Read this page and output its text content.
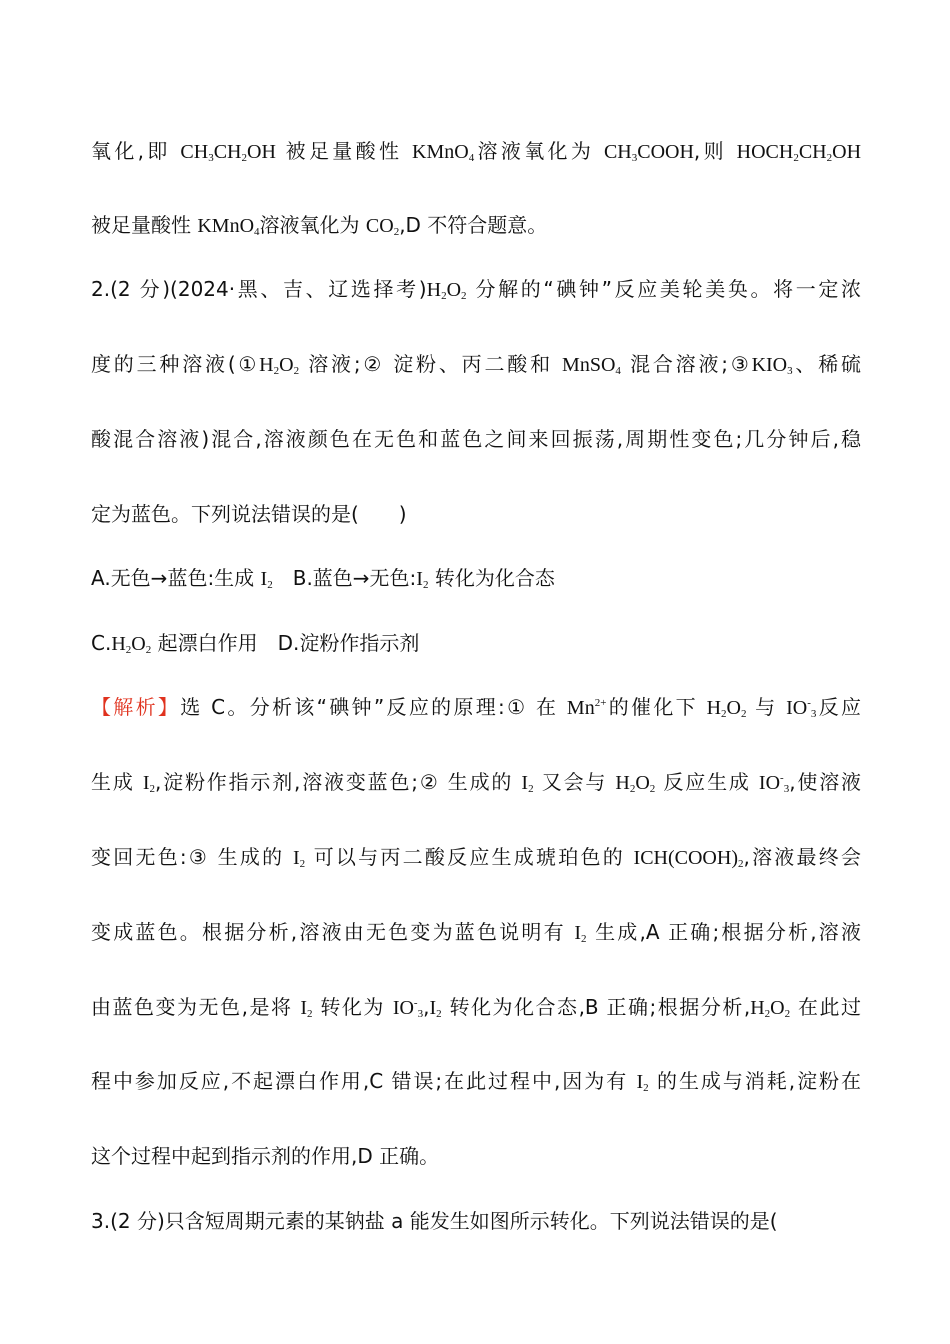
氧化,即 $CH_3CH_2OH$ 被足量酸性 KMnO$_4$溶液氧化为 $CH_3COOH$,则 $HOCH_2CH_2OH$
被足量酸性 KMnO$_4$溶液氧化为 $CO_2,D$ 不符合题意。
2.(2 分)(2024·黑、吉、辽选择考)$H_2O_2$ 分解的“碘钟”反应美轮美奂。将一定浓
度的三种溶液($①H_2O_2$ 溶液;② 淀粉、丙二酸和 MnSO$_4$ 混合溶液$;③KIO_3$、稀硫
酸混合溶液)混合,溶液颜色在无色和蓝色之间来回振荡,周期性变色;几分钟后,稳
定为蓝色。下列说法错误的是(　　)
A.无色→蓝色:生成 $I_2$　B.蓝色→无色$:I_2$ 转化为化合态
$C.H_2O_2$ 起漂白作用　D.淀粉作指示剂
【解析】选 C。分析该“碘钟”反应的原理:① 在 $Mn^{2+}$的催化下 $H_2O_2$ 与 $IO^-_3$反应
生成 $I_2$,淀粉作指示剂,溶液变蓝色;② 生成的 $I_2$ 又会与 $H_2O_2$ 反应生成 $IO^-_3$,使溶液
变回无色:③ 生成的 $I_2$ 可以与丙二酸反应生成琥珀色的 $ICH(COOH)_2$,溶液最终会
变成蓝色。根据分析,溶液由无色变为蓝色说明有 $I_2$ 生成,A 正确;根据分析,溶液
由蓝色变为无色,是将 $I_2$ 转化为 $IO^-_3,I_2$ 转化为化合态,B 正确;根据分析$,H_2O_2$ 在此过
程中参加反应,不起漂白作用,C 错误;在此过程中,因为有 $I_2$ 的生成与消耗,淀粉在
这个过程中起到指示剂的作用,D 正确。
3.(2 分)只含短周期元素的某钠盐 a 能发生如图所示转化。下列说法错误的是(
